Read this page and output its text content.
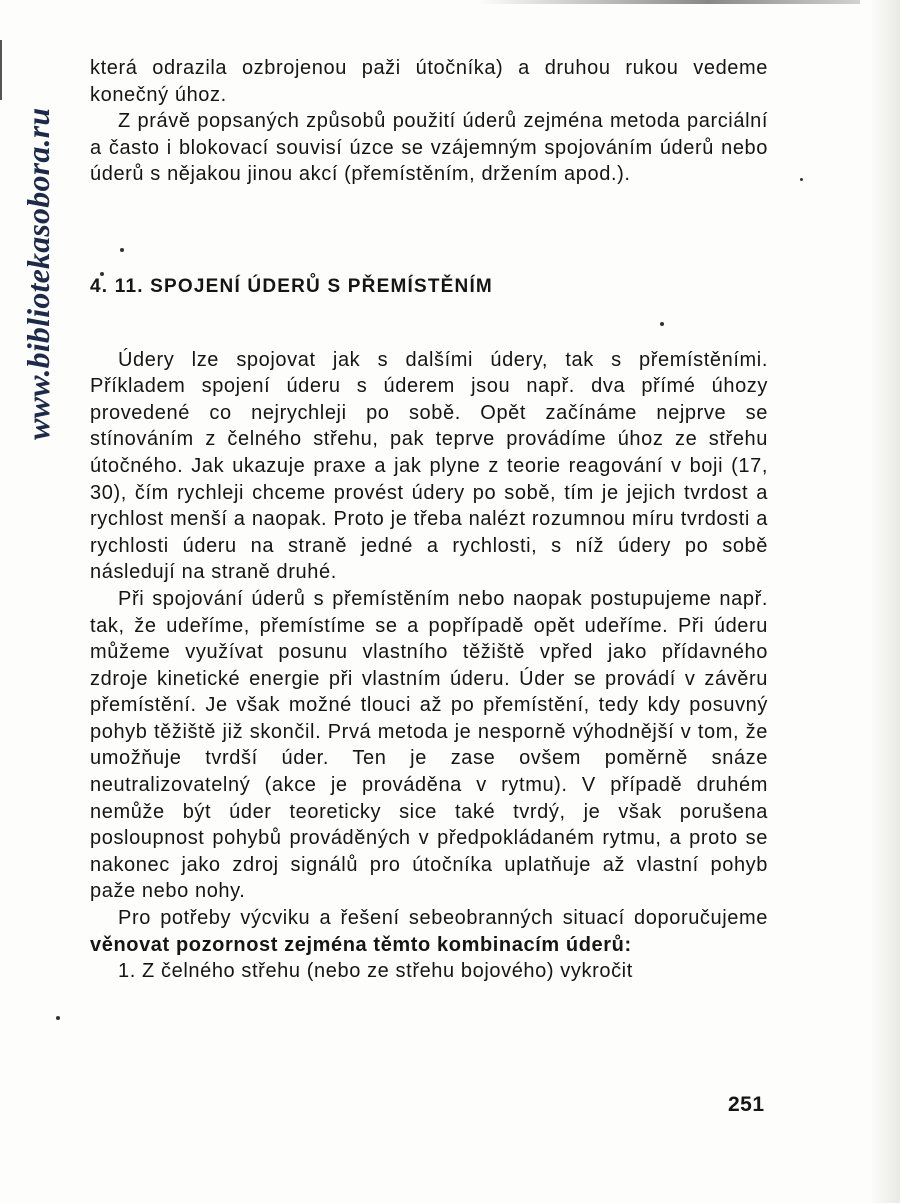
www.bibliotekasobora.ru

která odrazila ozbrojenou paži útočníka) a druhou rukou vedeme konečný úhoz.

Z právě popsaných způsobů použití úderů zejména metoda parciální a často i blokovací souvisí úzce se vzájemným spojováním úderů nebo úderů s nějakou jinou akcí (přemístěním, držením apod.).

4. 11. SPOJENÍ ÚDERŮ S PŘEMÍSTĚNÍM

Údery lze spojovat jak s dalšími údery, tak s přemístěními. Příkladem spojení úderu s úderem jsou např. dva přímé úhozy provedené co nejrychleji po sobě. Opět začínáme nejprve se stínováním z čelného střehu, pak teprve provádíme úhoz ze střehu útočného. Jak ukazuje praxe a jak plyne z teorie reagování v boji (17, 30), čím rychleji chceme provést údery po sobě, tím je jejich tvrdost a rychlost menší a naopak. Proto je třeba nalézt rozumnou míru tvrdosti a rychlosti úderu na straně jedné a rychlosti, s níž údery po sobě následují na straně druhé.

Při spojování úderů s přemístěním nebo naopak postupujeme např. tak, že udeříme, přemístíme se a popřípadě opět udeříme. Při úderu můžeme využívat posunu vlastního těžiště vpřed jako přídavného zdroje kinetické energie při vlastním úderu. Úder se provádí v závěru přemístění. Je však možné tlouci až po přemístění, tedy kdy posuvný pohyb těžiště již skončil. Prvá metoda je nesporně výhodnější v tom, že umožňuje tvrdší úder. Ten je zase ovšem poměrně snáze neutralizovatelný (akce je prováděna v rytmu). V případě druhém nemůže být úder teoreticky sice také tvrdý, je však porušena posloupnost pohybů prováděných v předpokládaném rytmu, a proto se nakonec jako zdroj signálů pro útočníka uplatňuje až vlastní pohyb paže nebo nohy.

Pro potřeby výcviku a řešení sebeobranných situací doporučujeme věnovat pozornost zejména těmto kombinacím úderů:

1. Z čelného střehu (nebo ze střehu bojového) vykročit

251
